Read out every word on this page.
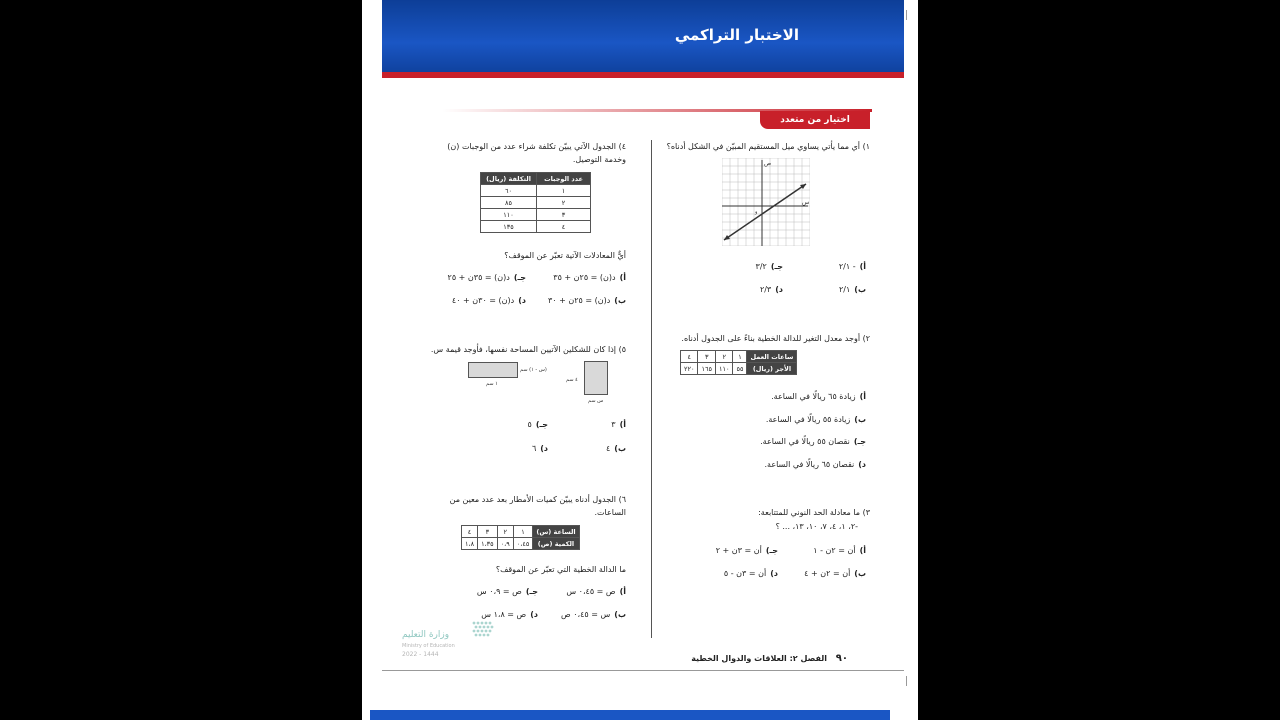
الاختبار التراكمي
اختيار من متعدد
١) أي مما يأتي يساوي ميل المستقيم المبيّن في الشكل أدناه؟
ص
س
و
أ)- ٢/١
ب)٢/١
جـ)٣/٢
د)٢/٣
٢) أوجد معدل التغير للدالة الخطية بناءً على الجدول أدناه.
ساعات العمل	١	٢	٣	٤
الأجر (ريال)	٥٥	١١٠	١٦٥	٢٢٠
أ)زيادة ٦٥ ريالًا في الساعة.
ب)زيادة ٥٥ ريالًا في الساعة.
جـ)نقصان ٥٥ ريالًا في الساعة.
د)نقصان ٦٥ ريالًا في الساعة.
٣) ما معادلة الحد النوني للمتتابعة:
-٢، ١، ٤، ٧، ١٠، ١٣، ... ؟
أ)أن = ٢ن - ١
ب)أن = ٢ن + ٤
جـ)أن = ٣ن + ٢
د)أن = ٣ن - ٥
٤) الجدول الآتي يبيّن تكلفة شراء عدد من الوجبات (ن) وخدمة التوصيل.
عدد الوجبات	التكلفة (ريال)
١	٦٠
٢	٨٥
٣	١١٠
٤	١٣٥
أيٌّ المعادلات الآتية تعبّر عن الموقف؟
أ)د(ن) = ٢٥ن + ٣٥
ب)د(ن) = ٢٥ن + ٣٠
جـ)د(ن) = ٣٥ن + ٢٥
د)د(ن) = ٣٠ن + ٤٠
٥) إذا كان للشكلين الآتيين المساحة نفسها، فأوجد قيمة س.
(س - ١) سم
١ سم
٤ سم
س سم
أ)٣
ب)٤
جـ)٥
د)٦
٦) الجدول أدناه يبيّن كميات الأمطار بعد عدد معين من الساعات.
الساعة (س)	١	٢	٣	٤
الكمية (ص)	٠،٤٥	٠،٩	١،٣٥	١،٨
ما الدالة الخطية التي تعبّر عن الموقف؟
أ)ص = ٠،٤٥ س
ب)س = ٠،٤٥ ص
جـ)ص = ٠،٩ س
د)ص = ١،٨ س
وزارة التعليم
Ministry of Education
2022 - 1444	٩٠ الفصل ٢: العلاقات والدوال الخطية
